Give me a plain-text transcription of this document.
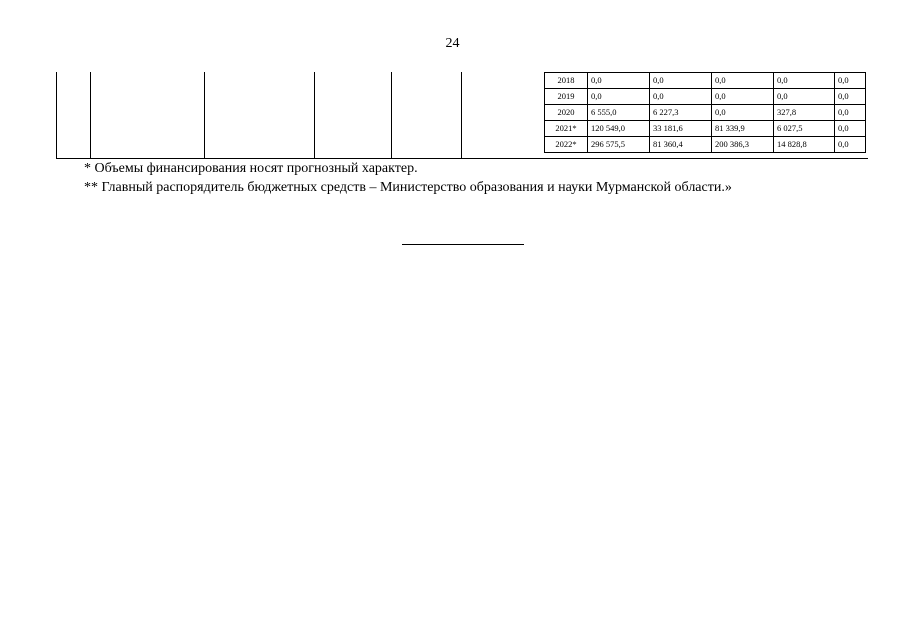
24
2018	0,0	0,0	0,0	0,0	0,0
2019	0,0	0,0	0,0	0,0	0,0
2020	6 555,0	6 227,3	0,0	327,8	0,0
2021*	120 549,0	33 181,6	81 339,9	6 027,5	0,0
2022*	296 575,5	81 360,4	200 386,3	14 828,8	0,0
* Объемы финансирования носят прогнозный характер.
** Главный распорядитель бюджетных средств – Министерство образования и науки Мурманской области.»
